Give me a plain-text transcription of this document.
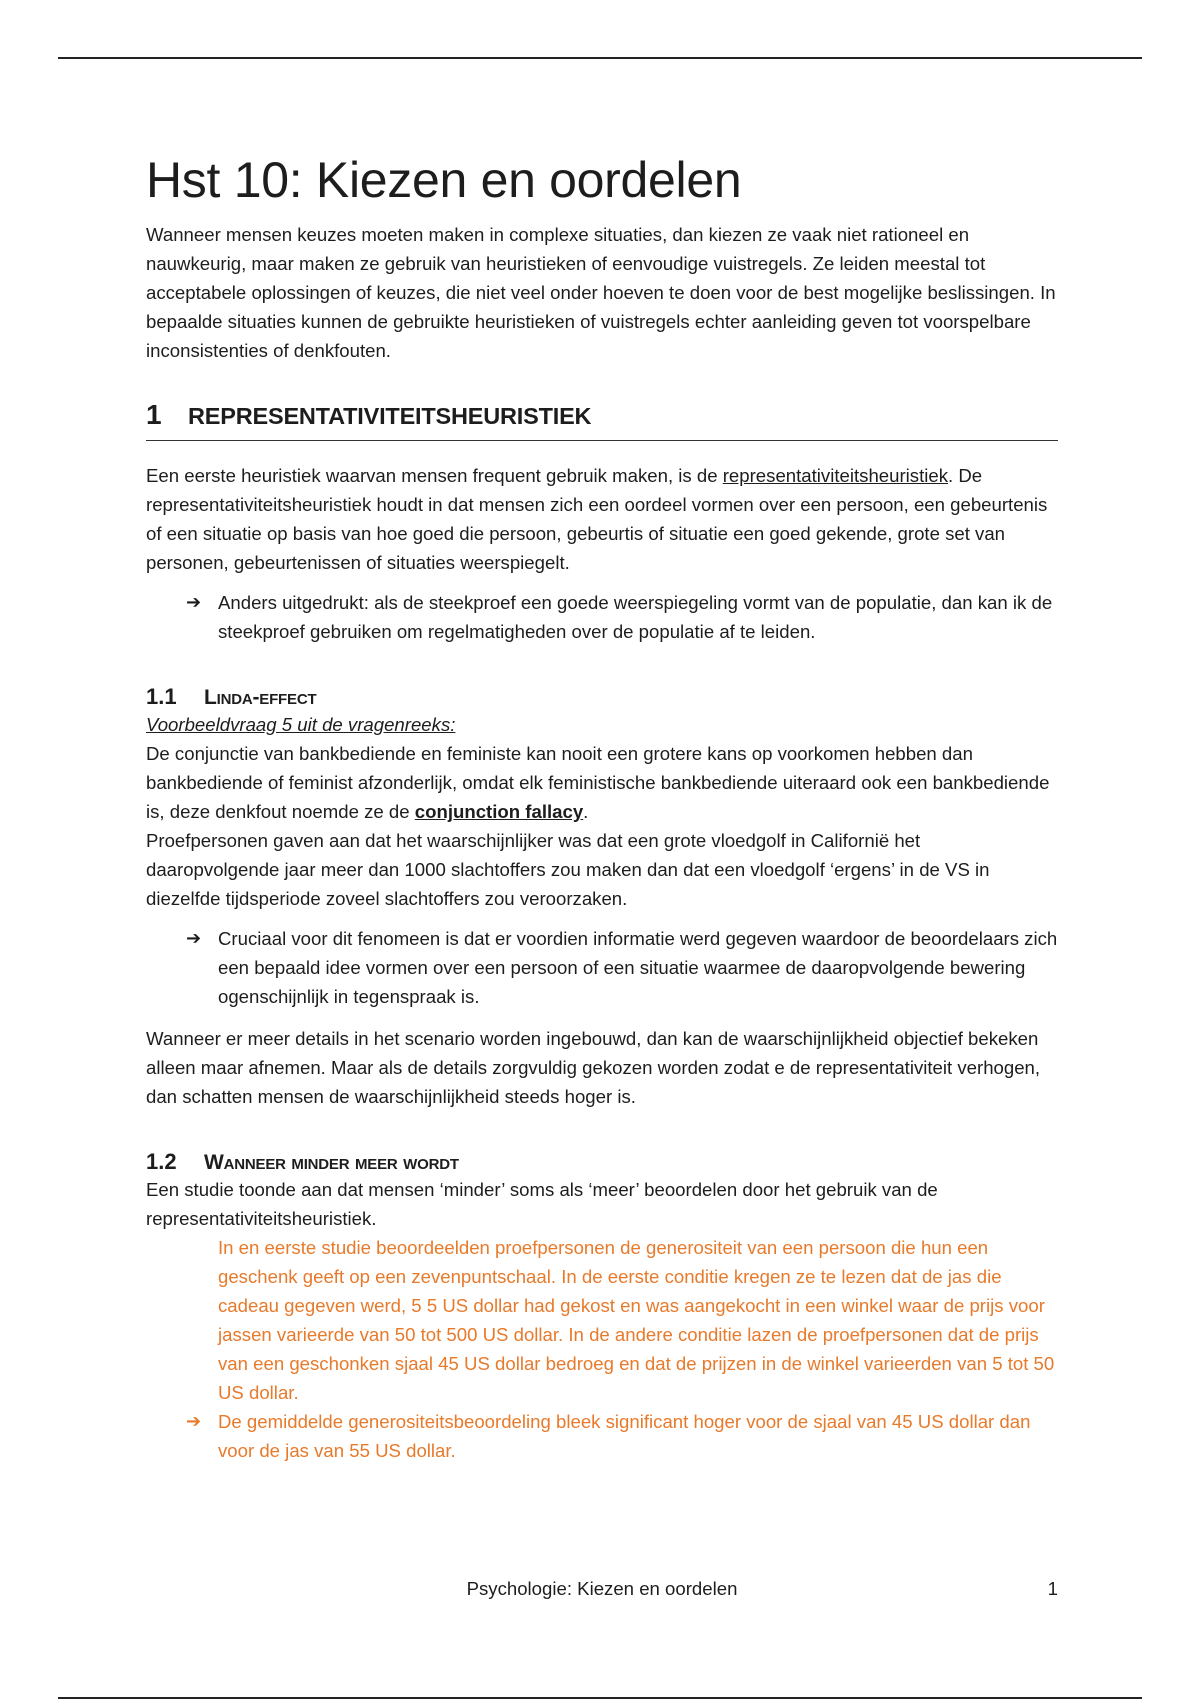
Hst 10: Kiezen en oordelen

Wanneer mensen keuzes moeten maken in complexe situaties, dan kiezen ze vaak niet rationeel en nauwkeurig, maar maken ze gebruik van heuristieken of eenvoudige vuistregels. Ze leiden meestal tot acceptabele oplossingen of keuzes, die niet veel onder hoeven te doen voor de best mogelijke beslissingen. In bepaalde situaties kunnen de gebruikte heuristieken of vuistregels echter aanleiding geven tot voorspelbare inconsistenties of denkfouten.

1	REPRESENTATIVITEITSHEURISTIEK

Een eerste heuristiek waarvan mensen frequent gebruik maken, is de representativiteitsheuristiek. De representativiteitsheuristiek houdt in dat mensen zich een oordeel vormen over een persoon, een gebeurtenis of een situatie op basis van hoe goed die persoon, gebeurtis of situatie een goed gekende, grote set van personen, gebeurtenissen of situaties weerspiegelt.

➔ Anders uitgedrukt: als de steekproef een goede weerspiegeling vormt van de populatie, dan kan ik de steekproef gebruiken om regelmatigheden over de populatie af te leiden.

1.1	Linda-effect

Voorbeeldvraag 5 uit de vragenreeks:

De conjunctie van bankbediende en feministe kan nooit een grotere kans op voorkomen hebben dan bankbediende of feminist afzonderlijk, omdat elk feministische bankbediende uiteraard ook een bankbediende is, deze denkfout noemde ze de conjunction fallacy.

Proefpersonen gaven aan dat het waarschijnlijker was dat een grote vloedgolf in Californië het daaropvolgende jaar meer dan 1000 slachtoffers zou maken dan dat een vloedgolf ‘ergens’ in de VS in diezelfde tijdsperiode zoveel slachtoffers zou veroorzaken.

➔ Cruciaal voor dit fenomeen is dat er voordien informatie werd gegeven waardoor de beoordelaars zich een bepaald idee vormen over een persoon of een situatie waarmee de daaropvolgende bewering ogenschijnlijk in tegenspraak is.

Wanneer er meer details in het scenario worden ingebouwd, dan kan de waarschijnlijkheid objectief bekeken alleen maar afnemen. Maar als de details zorgvuldig gekozen worden zodat e de representativiteit verhogen, dan schatten mensen de waarschijnlijkheid steeds hoger is.

1.2	Wanneer minder meer wordt

Een studie toonde aan dat mensen ‘minder’ soms als ‘meer’ beoordelen door het gebruik van de representativiteitsheuristiek.

In en eerste studie beoordeelden proefpersonen de generositeit van een persoon die hun een geschenk geeft op een zevenpuntschaal. In de eerste conditie kregen ze te lezen dat de jas die cadeau gegeven werd, 5 5 US dollar had gekost en was aangekocht in een winkel waar de prijs voor jassen varieerde van 50 tot 500 US dollar. In de andere conditie lazen de proefpersonen dat de prijs van een geschonken sjaal 45 US dollar bedroeg en dat de prijzen in de winkel varieerden van 5 tot 50 US dollar.

➔ De gemiddelde generositeitsbeoordeling bleek significant hoger voor de sjaal van 45 US dollar dan voor de jas van 55 US dollar.

Psychologie: Kiezen en oordelen	1
